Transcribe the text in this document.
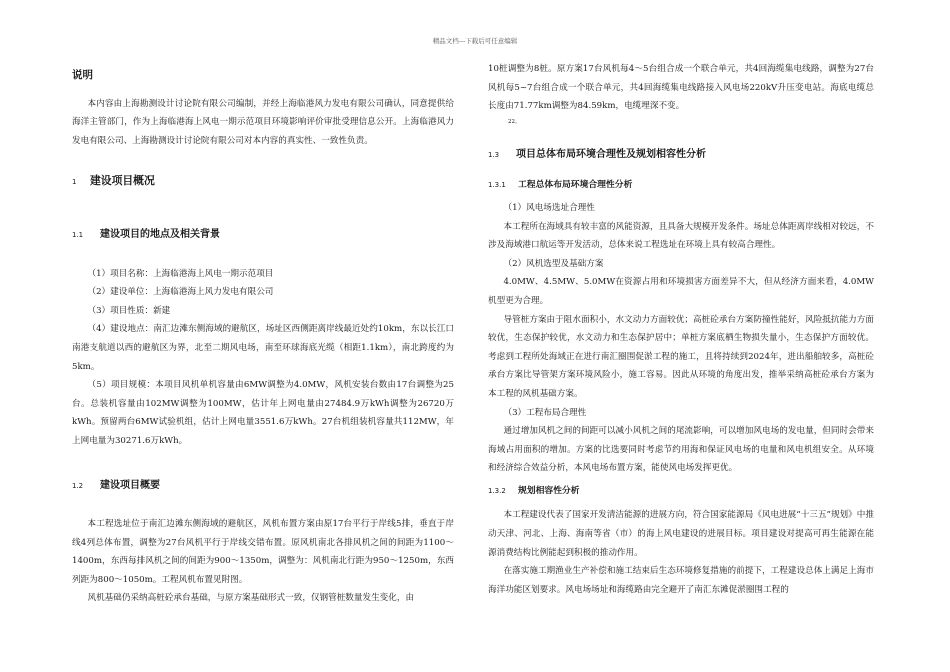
精品文档---下载后可任意编辑
说明

本内容由上海勘测设计讨论院有限公司编制，并经上海临港风力发电有限公司确认，同意提供给海洋主管部门，作为上海临港海上风电一期示范项目环境影响评价审批受理信息公开。上海临港风力发电有限公司、上海勘测设计讨论院有限公司对本内容的真实性、一致性负责。

1	建设项目概况
1.1	建设项目的地点及相关背景

（1）项目名称：上海临港海上风电一期示范项目

（2）建设单位：上海临港海上风力发电有限公司

（3）项目性质：新建

（4）建设地点：南汇边滩东侧海域的避航区，场址区西侧距离岸线最近处约10km，东以长江口南港支航道以西的避航区为界，北至二期风电场，南至环球海底光缆（相距1.1km），南北跨度约为5km。

（5）项目规模：本项目风机单机容量由6MW调整为4.0MW，风机安装台数由17台调整为25台。总装机容量由102MW调整为100MW，估计年上网电量由27484.9万kWh调整为26720万kWh。预留两台6MW试验机组，估计上网电量3551.6万kWh。27台机组装机容量共112MW，年上网电量为30271.6万kWh。

1.2	建设项目概要

本工程选址位于南汇边滩东侧海域的避航区，风机布置方案由原17台平行于岸线5排，垂直于岸线4列总体布置，调整为27台风机平行于岸线交错布置。原风机南北各排风机之间的间距为1100～1400m，东西每排风机之间的间距为900～1350m，调整为：风机南北行距为950～1250m，东西列距为800～1050m。工程风机布置见附图。

风机基础仍采纳高桩砼承台基础，与原方案基础形式一致，仅钢管桩数量发生变化，由

10桩调整为8桩。原方案17台风机每4～5台组合成一个联合单元，共4回海缆集电线路，调整为27台风机每5~7台组合成一个联合单元，共4回海缆集电线路接入风电场220kV升压变电站。海底电缆总长度由71.77km调整为84.59km，电缆埋深不变。

22。
1.3	项目总体布局环境合理性及规划相容性分析
1.3.1	工程总体布局环境合理性分析

（1）风电场选址合理性

本工程所在海域具有较丰富的风能资源，且具备大规模开发条件。场址总体距离岸线相对较远，不涉及海域港口航运等开发活动，总体来说工程选址在环境上具有较高合理性。

（2）风机选型及基础方案

4.0MW、4.5MW、5.0MW在资源占用和环境损害方面差异不大，但从经济方面来看，4.0MW机型更为合理。

导管桩方案由于阻水面积小，水文动力方面较优；高桩砼承台方案防撞性能好，风险抵抗能力方面较优，生态保护较优，水文动力和生态保护居中；单桩方案底栖生物损失量小，生态保护方面较优。考虑到工程所处海域正在进行南汇圈围促淤工程的施工，且将持续到2024年，进出船舶较多，高桩砼承台方案比导管架方案环境风险小，施工容易。因此从环境的角度出发，推举采纳高桩砼承台方案为本工程的风机基础方案。

（3）工程布局合理性

通过增加风机之间的间距可以减小风机之间的尾流影响，可以增加风电场的发电量，但同时会带来海域占用面积的增加。方案的比选要同时考虑节约用海和保证风电场的电量和风电机组安全。从环境和经济综合效益分析，本风电场布置方案，能使风电场发挥更优。

1.3.2	规划相容性分析

本工程建设代表了国家开发清洁能源的进展方向，符合国家能源局《风电进展“十三五”规划》中推动天津、河北、上海、海南等省（市）的海上风电建设的进展目标。项目建设对提高可再生能源在能源消费结构比例能起到积极的推动作用。

在落实施工期渔业生产补偿和施工结束后生态环境修复措施的前提下，工程建设总体上满足上海市海洋功能区划要求。风电场场址和海缆路由完全避开了南汇东滩促淤圈围工程的
